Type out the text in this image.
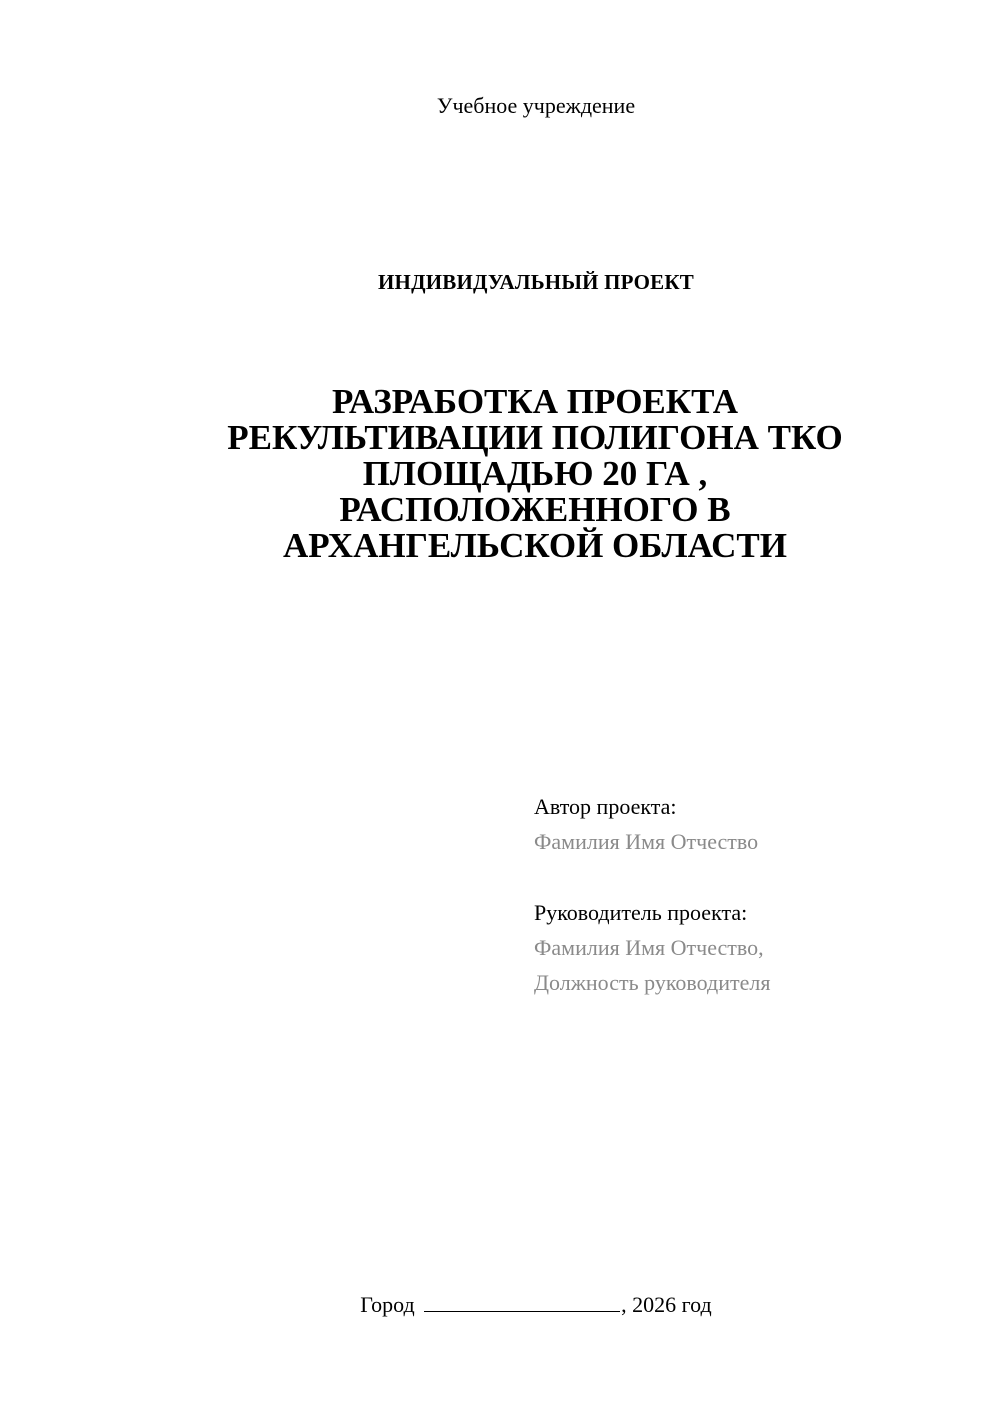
Учебное учреждение
ИНДИВИДУАЛЬНЫЙ ПРОЕКТ
РАЗРАБОТКА ПРОЕКТА
РЕКУЛЬТИВАЦИИ ПОЛИГОНА ТКО
ПЛОЩАДЬЮ 20 ГА ,
РАСПОЛОЖЕННОГО В
АРХАНГЕЛЬСКОЙ ОБЛАСТИ
Автор проекта:
Фамилия Имя Отчество
Руководитель проекта:
Фамилия Имя Отчество,
Должность руководителя
Город	, 2026 год
